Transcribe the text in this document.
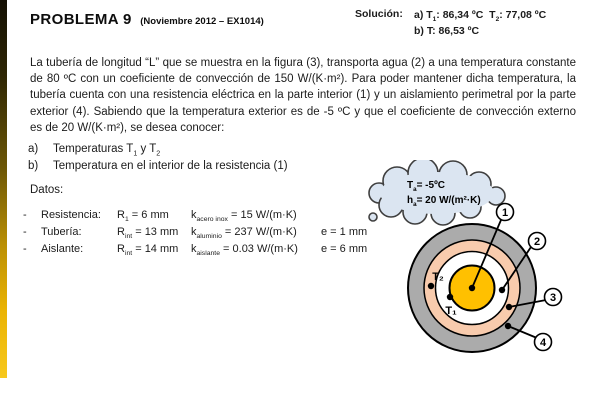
PROBLEMA 9 (Noviembre 2012 – EX1014)
Solución: a) $T_1$: 86,34 ºC  $T_2$: 77,08 ºC
b) T: 86,53 ºC
La tubería de longitud “L” que se muestra en la figura (3), transporta agua (2) a una temperatura constante de 80 ºC con un coeficiente de convección de 150 W/(K·m²). Para poder mantener dicha temperatura, la tubería cuenta con una resistencia eléctrica en la parte interior (1) y un aislamiento perimetral por la parte exterior (4). Sabiendo que la temperatura exterior es de -5 ºC y que el coeficiente de convección externo es de 20 W/(K·m²), se desea conocer:
a)	Temperaturas $T_1$ y $T_2$
b)	Temperatura en el interior de la resistencia (1)
Datos:
-	Resistencia:	$R_1 = 6$ mm	$k_{acero inox} = 15$ W/(m·K)
-	Tubería:	$R_{int} = 13$ mm	$k_{aluminio} = 237$ W/(m·K)	e = 1 mm
-	Aislante:	$R_{int} = 14$ mm	$k_{aislante} = 0.03$ W/(m·K)	e = 6 mm
1
2
3
4
T₂
T₁
$T_a=$ -5ºC
$h_a= 20$ W/(m²·K)
